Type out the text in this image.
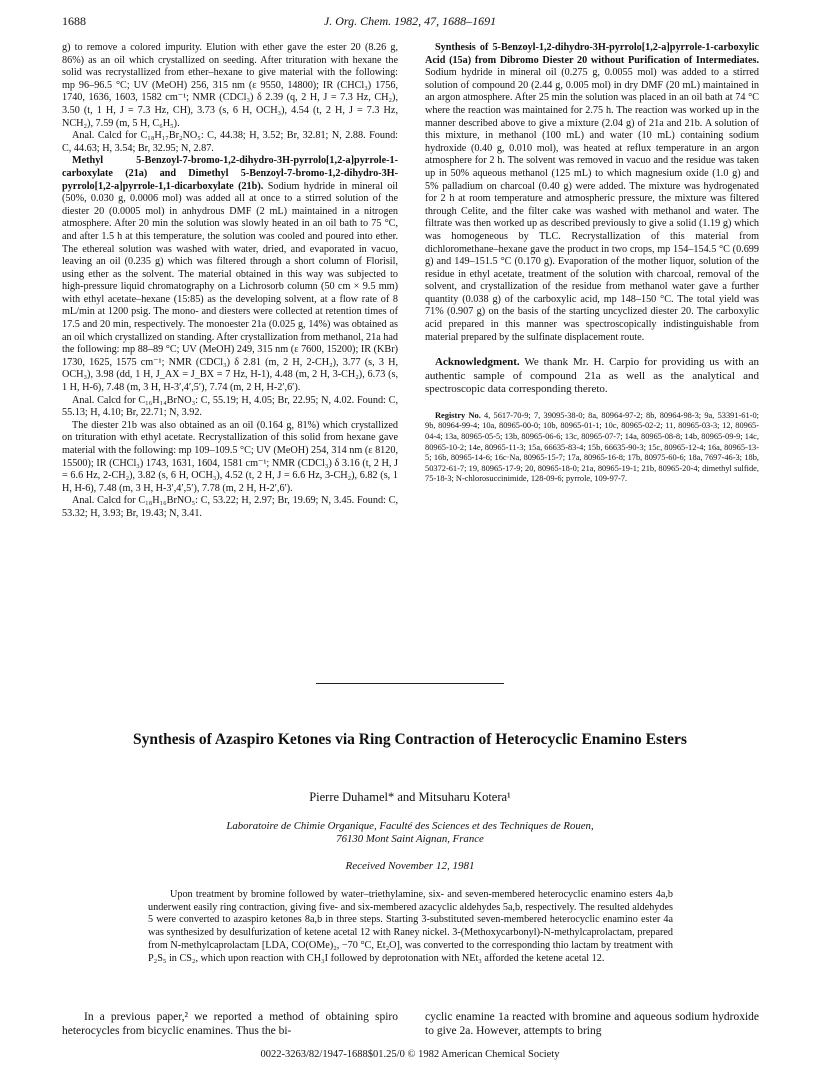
1688	J. Org. Chem. 1982, 47, 1688–1691

g) to remove a colored impurity. Elution with ether gave the ester 20 (8.26 g, 86%) as an oil which crystallized on seeding. After trituration with hexane the solid was recrystallized from ether–hexane to give material with the following: mp 96–96.5 °C; UV (MeOH) 256, 315 nm (ε 9550, 14800); IR (CHCl₃) 1756, 1740, 1636, 1603, 1582 cm⁻¹; NMR (CDCl₃) δ 2.39 (q, 2 H, J = 7.3 Hz, CH₂), 3.50 (t, 1 H, J = 7.3 Hz, CH), 3.73 (s, 6 H, OCH₃), 4.54 (t, 2 H, J = 7.3 Hz, NCH₂), 7.59 (m, 5 H, C₆H₅).

Anal. Calcd for C₁₈H₁₇Br₂NO₅: C, 44.38; H, 3.52; Br, 32.81; N, 2.88. Found: C, 44.63; H, 3.54; Br, 32.95; N, 2.87.

Methyl 5-Benzoyl-7-bromo-1,2-dihydro-3H-pyrrolo[1,2-a]pyrrole-1-carboxylate (21a) and Dimethyl 5-Benzoyl-7-bromo-1,2-dihydro-3H-pyrrolo[1,2-a]pyrrole-1,1-dicarboxylate (21b). Sodium hydride in mineral oil (50%, 0.030 g, 0.0006 mol) was added all at once to a stirred solution of the diester 20 (0.0005 mol) in anhydrous DMF (2 mL) maintained in a nitrogen atmosphere. After 20 min the solution was slowly heated in an oil bath to 75 °C, and after 1.5 h at this temperature, the solution was cooled and poured into ether. The ethereal solution was washed with water, dried, and evaporated in vacuo, leaving an oil (0.235 g) which was filtered through a short column of Florisil, using ether as the solvent. The material obtained in this way was subjected to high-pressure liquid chromatography on a Lichrosorb column (50 cm × 9.5 mm) with ethyl acetate–hexane (15:85) as the developing solvent, at a flow rate of 8 mL/min at 1200 psig. The mono- and diesters were collected at retention times of 17.5 and 20 min, respectively. The monoester 21a (0.025 g, 14%) was obtained as an oil which crystallized on standing. After crystallization from methanol, 21a had the following: mp 88–89 °C; UV (MeOH) 249, 315 nm (ε 7600, 15200); IR (KBr) 1730, 1625, 1575 cm⁻¹; NMR (CDCl₃) δ 2.81 (m, 2 H, 2-CH₂), 3.77 (s, 3 H, OCH₃), 3.98 (dd, 1 H, J_AX = J_BX = 7 Hz, H-1), 4.48 (m, 2 H, 3-CH₂), 6.73 (s, 1 H, H-6), 7.48 (m, 3 H, H-3′,4′,5′), 7.74 (m, 2 H, H-2′,6′).

Anal. Calcd for C₁₆H₁₄BrNO₃: C, 55.19; H, 4.05; Br, 22.95; N, 4.02. Found: C, 55.13; H, 4.10; Br, 22.71; N, 3.92.

The diester 21b was also obtained as an oil (0.164 g, 81%) which crystallized on trituration with ethyl acetate. Recrystallization of this solid from hexane gave material with the following: mp 109–109.5 °C; UV (MeOH) 254, 314 nm (ε 8120, 15500); IR (CHCl₃) 1743, 1631, 1604, 1581 cm⁻¹; NMR (CDCl₃) δ 3.16 (t, 2 H, J = 6.6 Hz, 2-CH₂), 3.82 (s, 6 H, OCH₃), 4.52 (t, 2 H, J = 6.6 Hz, 3-CH₂), 6.82 (s, 1 H, H-6), 7.48 (m, 3 H, H-3′,4′,5′), 7.78 (m, 2 H, H-2′,6′).

Anal. Calcd for C₁₈H₁₆BrNO₅: C, 53.22; H, 2.97; Br, 19.69; N, 3.45. Found: C, 53.32; H, 3.93; Br, 19.43; N, 3.41.

Synthesis of 5-Benzoyl-1,2-dihydro-3H-pyrrolo[1,2-a]pyrrole-1-carboxylic Acid (15a) from Dibromo Diester 20 without Purification of Intermediates. Sodium hydride in mineral oil (0.275 g, 0.0055 mol) was added to a stirred solution of compound 20 (2.44 g, 0.005 mol) in dry DMF (20 mL) maintained in an argon atmosphere. After 25 min the solution was placed in an oil bath at 74 °C where the reaction was maintained for 2.75 h. The reaction was worked up in the manner described above to give a mixture (2.04 g) of 21a and 21b. A solution of this mixture, in methanol (100 mL) and water (10 mL) containing sodium hydroxide (0.40 g, 0.010 mol), was heated at reflux temperature in an argon atmosphere for 2 h. The solvent was removed in vacuo and the residue was taken up in 50% aqueous methanol (125 mL) to which magnesium oxide (1.0 g) and 5% palladium on charcoal (0.40 g) were added. The mixture was hydrogenated for 2 h at room temperature and atmospheric pressure, the mixture was filtered through Celite, and the filter cake was washed with methanol and water. The filtrate was then worked up as described previously to give a solid (1.19 g) which was homogeneous by TLC. Recrystallization of this material from dichloromethane–hexane gave the product in two crops, mp 154–154.5 °C (0.699 g) and 149–151.5 °C (0.170 g). Evaporation of the mother liquor, solution of the residue in ethyl acetate, treatment of the solution with charcoal, removal of the solvent, and crystallization of the residue from methanol water gave a further quantity (0.038 g) of the carboxylic acid, mp 148–150 °C. The total yield was 71% (0.907 g) on the basis of the starting uncyclized diester 20. The carboxylic acid prepared in this manner was spectroscopically indistinguishable from material prepared by the sulfinate displacement route.

Acknowledgment. We thank Mr. H. Carpio for providing us with an authentic sample of compound 21a as well as the analytical and spectroscopic data corresponding thereto.

Registry No. 4, 5617-70-9; 7, 39095-38-0; 8a, 80964-97-2; 8b, 80964-98-3; 9a, 53391-61-0; 9b, 80964-99-4; 10a, 80965-00-0; 10b, 80965-01-1; 10c, 80965-02-2; 11, 80965-03-3; 12, 80965-04-4; 13a, 80965-05-5; 13b, 80965-06-6; 13c, 80965-07-7; 14a, 80965-08-8; 14b, 80965-09-9; 14c, 80965-10-2; 14e, 80965-11-3; 15a, 66635-83-4; 15b, 66635-90-3; 15c, 80965-12-4; 16a, 80965-13-5; 16b, 80965-14-6; 16c·Na, 80965-15-7; 17a, 80965-16-8; 17b, 80975-60-6; 18a, 7697-46-3; 18b, 50372-61-7; 19, 80965-17-9; 20, 80965-18-0; 21a, 80965-19-1; 21b, 80965-20-4; dimethyl sulfide, 75-18-3; N-chlorosuccinimide, 128-09-6; pyrrole, 109-97-7.

Synthesis of Azaspiro Ketones via Ring Contraction of Heterocyclic Enamino Esters
Pierre Duhamel* and Mitsuharu Kotera¹
Laboratoire de Chimie Organique, Faculté des Sciences et des Techniques de Rouen,
76130 Mont Saint Aignan, France
Received November 12, 1981
Upon treatment by bromine followed by water–triethylamine, six- and seven-membered heterocyclic enamino esters 4a,b underwent easily ring contraction, giving five- and six-membered azacyclic aldehydes 5a,b, respectively. The resulted aldehydes 5 were converted to azaspiro ketones 8a,b in three steps. Starting 3-substituted seven-membered heterocyclic enamino ester 4a was synthesized by desulfurization of ketene acetal 12 with Raney nickel. 3-(Methoxycarbonyl)-N-methylcaprolactam, prepared from N-methylcaprolactam [LDA, CO(OMe)₂, −70 °C, Et₂O], was converted to the corresponding thio lactam by treatment with P₂S₅ in CS₂, which upon reaction with CH₃I followed by deprotonation with NEt₃ afforded the ketene acetal 12.
In a previous paper,² we reported a method of obtaining spiro heterocycles from bicyclic enamines. Thus the bi-
cyclic enamine 1a reacted with bromine and aqueous sodium hydroxide to give 2a. However, attempts to bring
0022-3263/82/1947-1688$01.25/0 © 1982 American Chemical Society
